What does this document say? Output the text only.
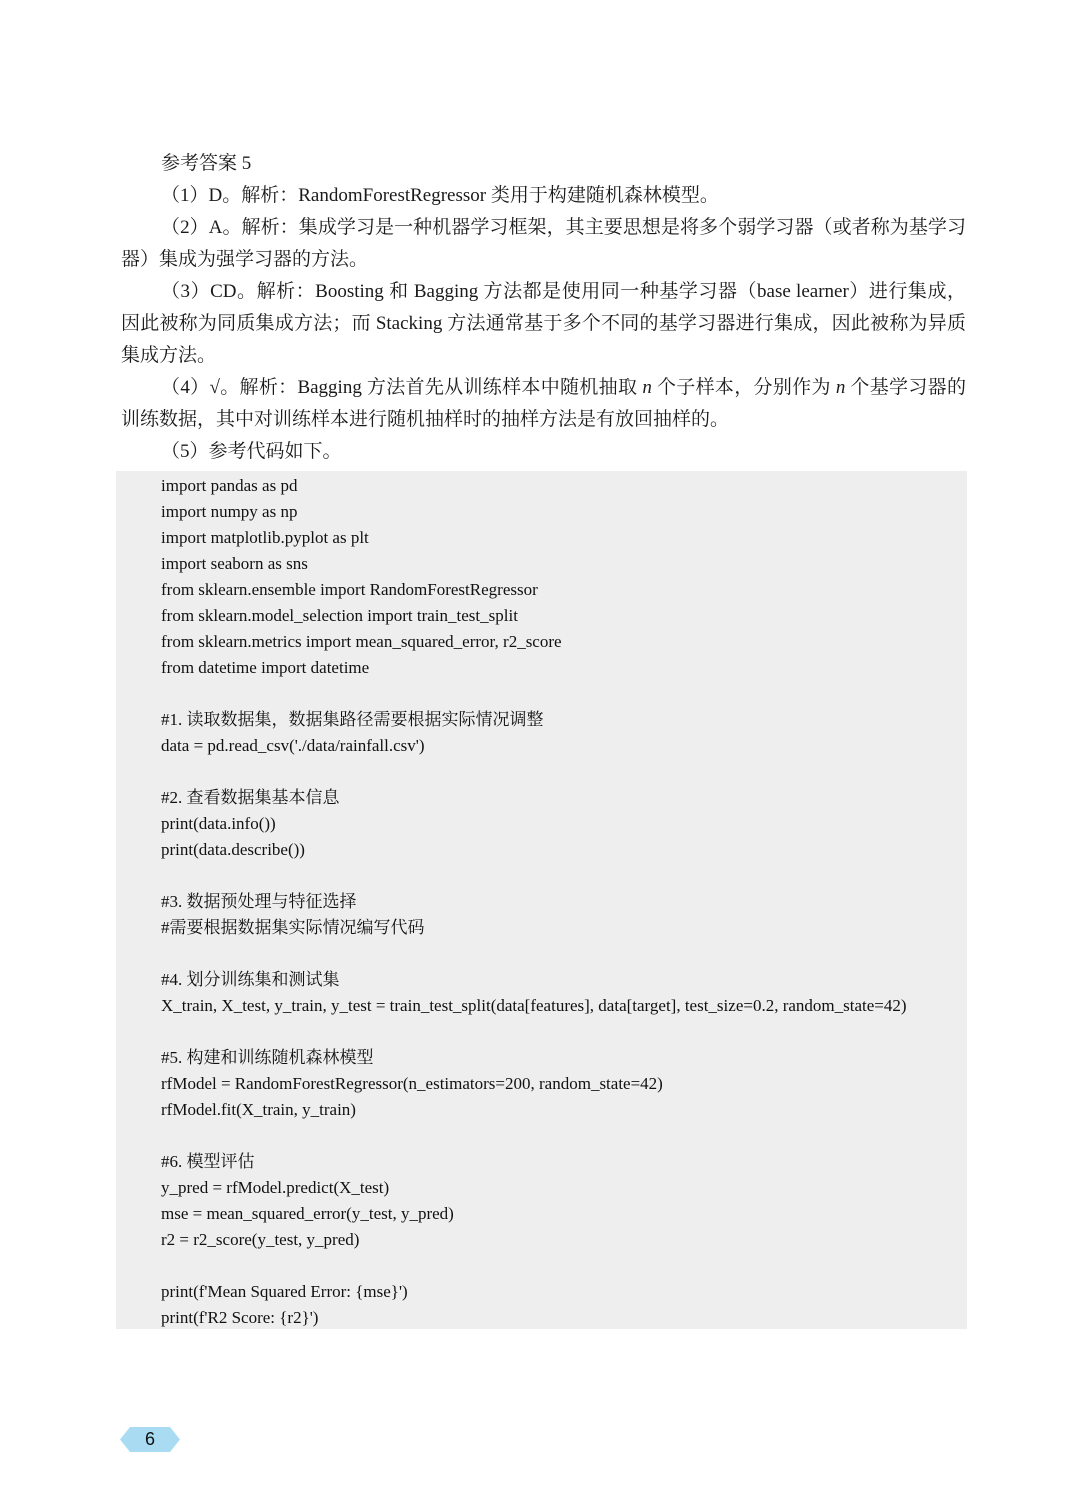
参考答案 5

（1）D。解析：RandomForestRegressor 类用于构建随机森林模型。

（2）A。解析：集成学习是一种机器学习框架，其主要思想是将多个弱学习器（或者称为基学习器）集成为强学习器的方法。

（3）CD。解析：Boosting 和 Bagging 方法都是使用同一种基学习器（base learner）进行集成，因此被称为同质集成方法；而 Stacking 方法通常基于多个不同的基学习器进行集成，因此被称为异质集成方法。

（4）√。解析：Bagging 方法首先从训练样本中随机抽取 n 个子样本，分别作为 n 个基学习器的训练数据，其中对训练样本进行随机抽样时的抽样方法是有放回抽样的。

（5）参考代码如下。

import pandas as pd
import numpy as np
import matplotlib.pyplot as plt
import seaborn as sns
from sklearn.ensemble import RandomForestRegressor
from sklearn.model_selection import train_test_split
from sklearn.metrics import mean_squared_error, r2_score
from datetime import datetime
#1. 读取数据集，数据集路径需要根据实际情况调整
data = pd.read_csv('./data/rainfall.csv')
#2. 查看数据集基本信息
print(data.info())
print(data.describe())
#3. 数据预处理与特征选择
#需要根据数据集实际情况编写代码
#4. 划分训练集和测试集
X_train, X_test, y_train, y_test = train_test_split(data[features], data[target], test_size=0.2, random_state=42)
#5. 构建和训练随机森林模型
rfModel = RandomForestRegressor(n_estimators=200, random_state=42)
rfModel.fit(X_train, y_train)
#6. 模型评估
y_pred = rfModel.predict(X_test)
mse = mean_squared_error(y_test, y_pred)
r2 = r2_score(y_test, y_pred)
print(f'Mean Squared Error: {mse}')
print(f'R2 Score: {r2}')
6
